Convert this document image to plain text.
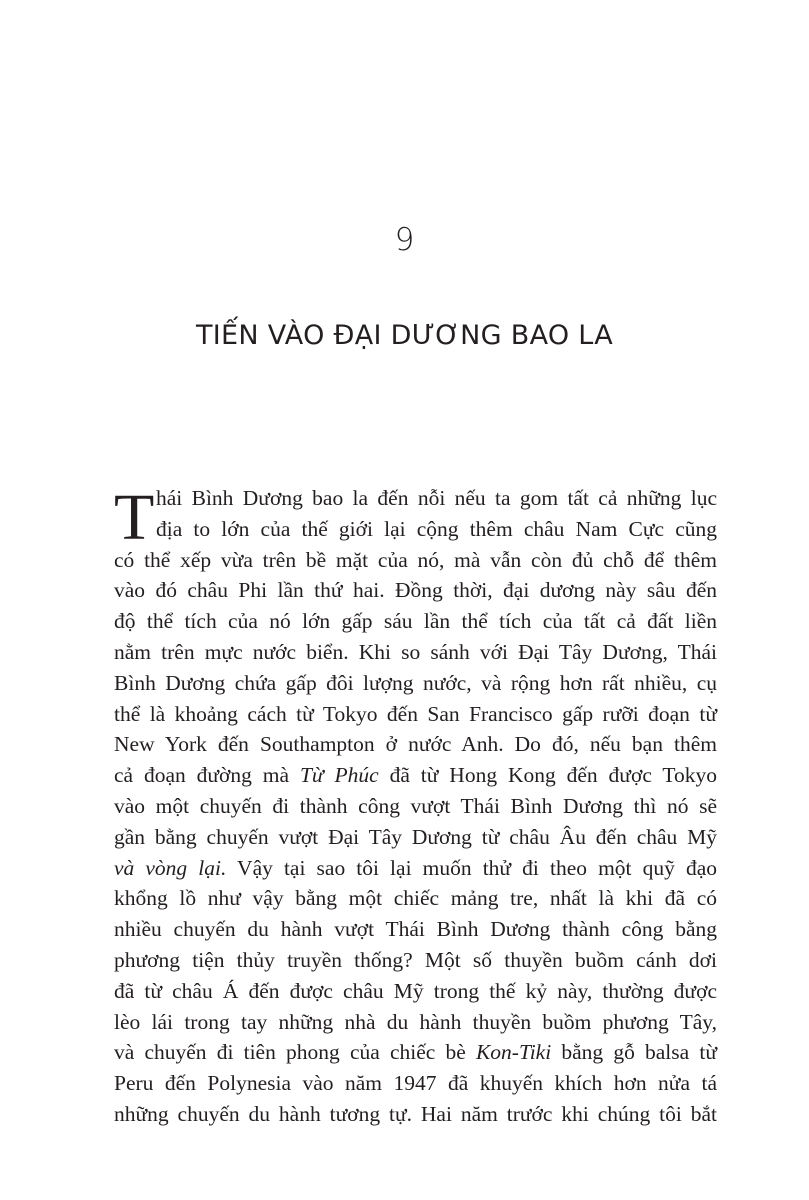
9
TIẾN VÀO ĐẠI DƯƠNG BAO LA
T hái Bình Dương bao la đến nỗi nếu ta gom tất cả những lục
địa to lớn của thế giới lại cộng thêm châu Nam Cực cũng
có thể xếp vừa trên bề mặt của nó, mà vẫn còn đủ chỗ để thêm
vào đó châu Phi lần thứ hai. Đồng thời, đại dương này sâu đến
độ thể tích của nó lớn gấp sáu lần thể tích của tất cả đất liền
nằm trên mực nước biển. Khi so sánh với Đại Tây Dương, Thái
Bình Dương chứa gấp đôi lượng nước, và rộng hơn rất nhiều, cụ
thể là khoảng cách từ Tokyo đến San Francisco gấp rưỡi đoạn từ
New York đến Southampton ở nước Anh. Do đó, nếu bạn thêm
cả đoạn đường mà Từ Phúc đã từ Hong Kong đến được Tokyo
vào một chuyến đi thành công vượt Thái Bình Dương thì nó sẽ
gần bằng chuyến vượt Đại Tây Dương từ châu Âu đến châu Mỹ
và vòng lại. Vậy tại sao tôi lại muốn thử đi theo một quỹ đạo
khổng lồ như vậy bằng một chiếc mảng tre, nhất là khi đã có
nhiều chuyến du hành vượt Thái Bình Dương thành công bằng
phương tiện thủy truyền thống? Một số thuyền buồm cánh dơi
đã từ châu Á đến được châu Mỹ trong thế kỷ này, thường được
lèo lái trong tay những nhà du hành thuyền buồm phương Tây,
và chuyến đi tiên phong của chiếc bè Kon-Tiki bằng gỗ balsa từ
Peru đến Polynesia vào năm 1947 đã khuyến khích hơn nửa tá
những chuyến du hành tương tự. Hai năm trước khi chúng tôi bắt
